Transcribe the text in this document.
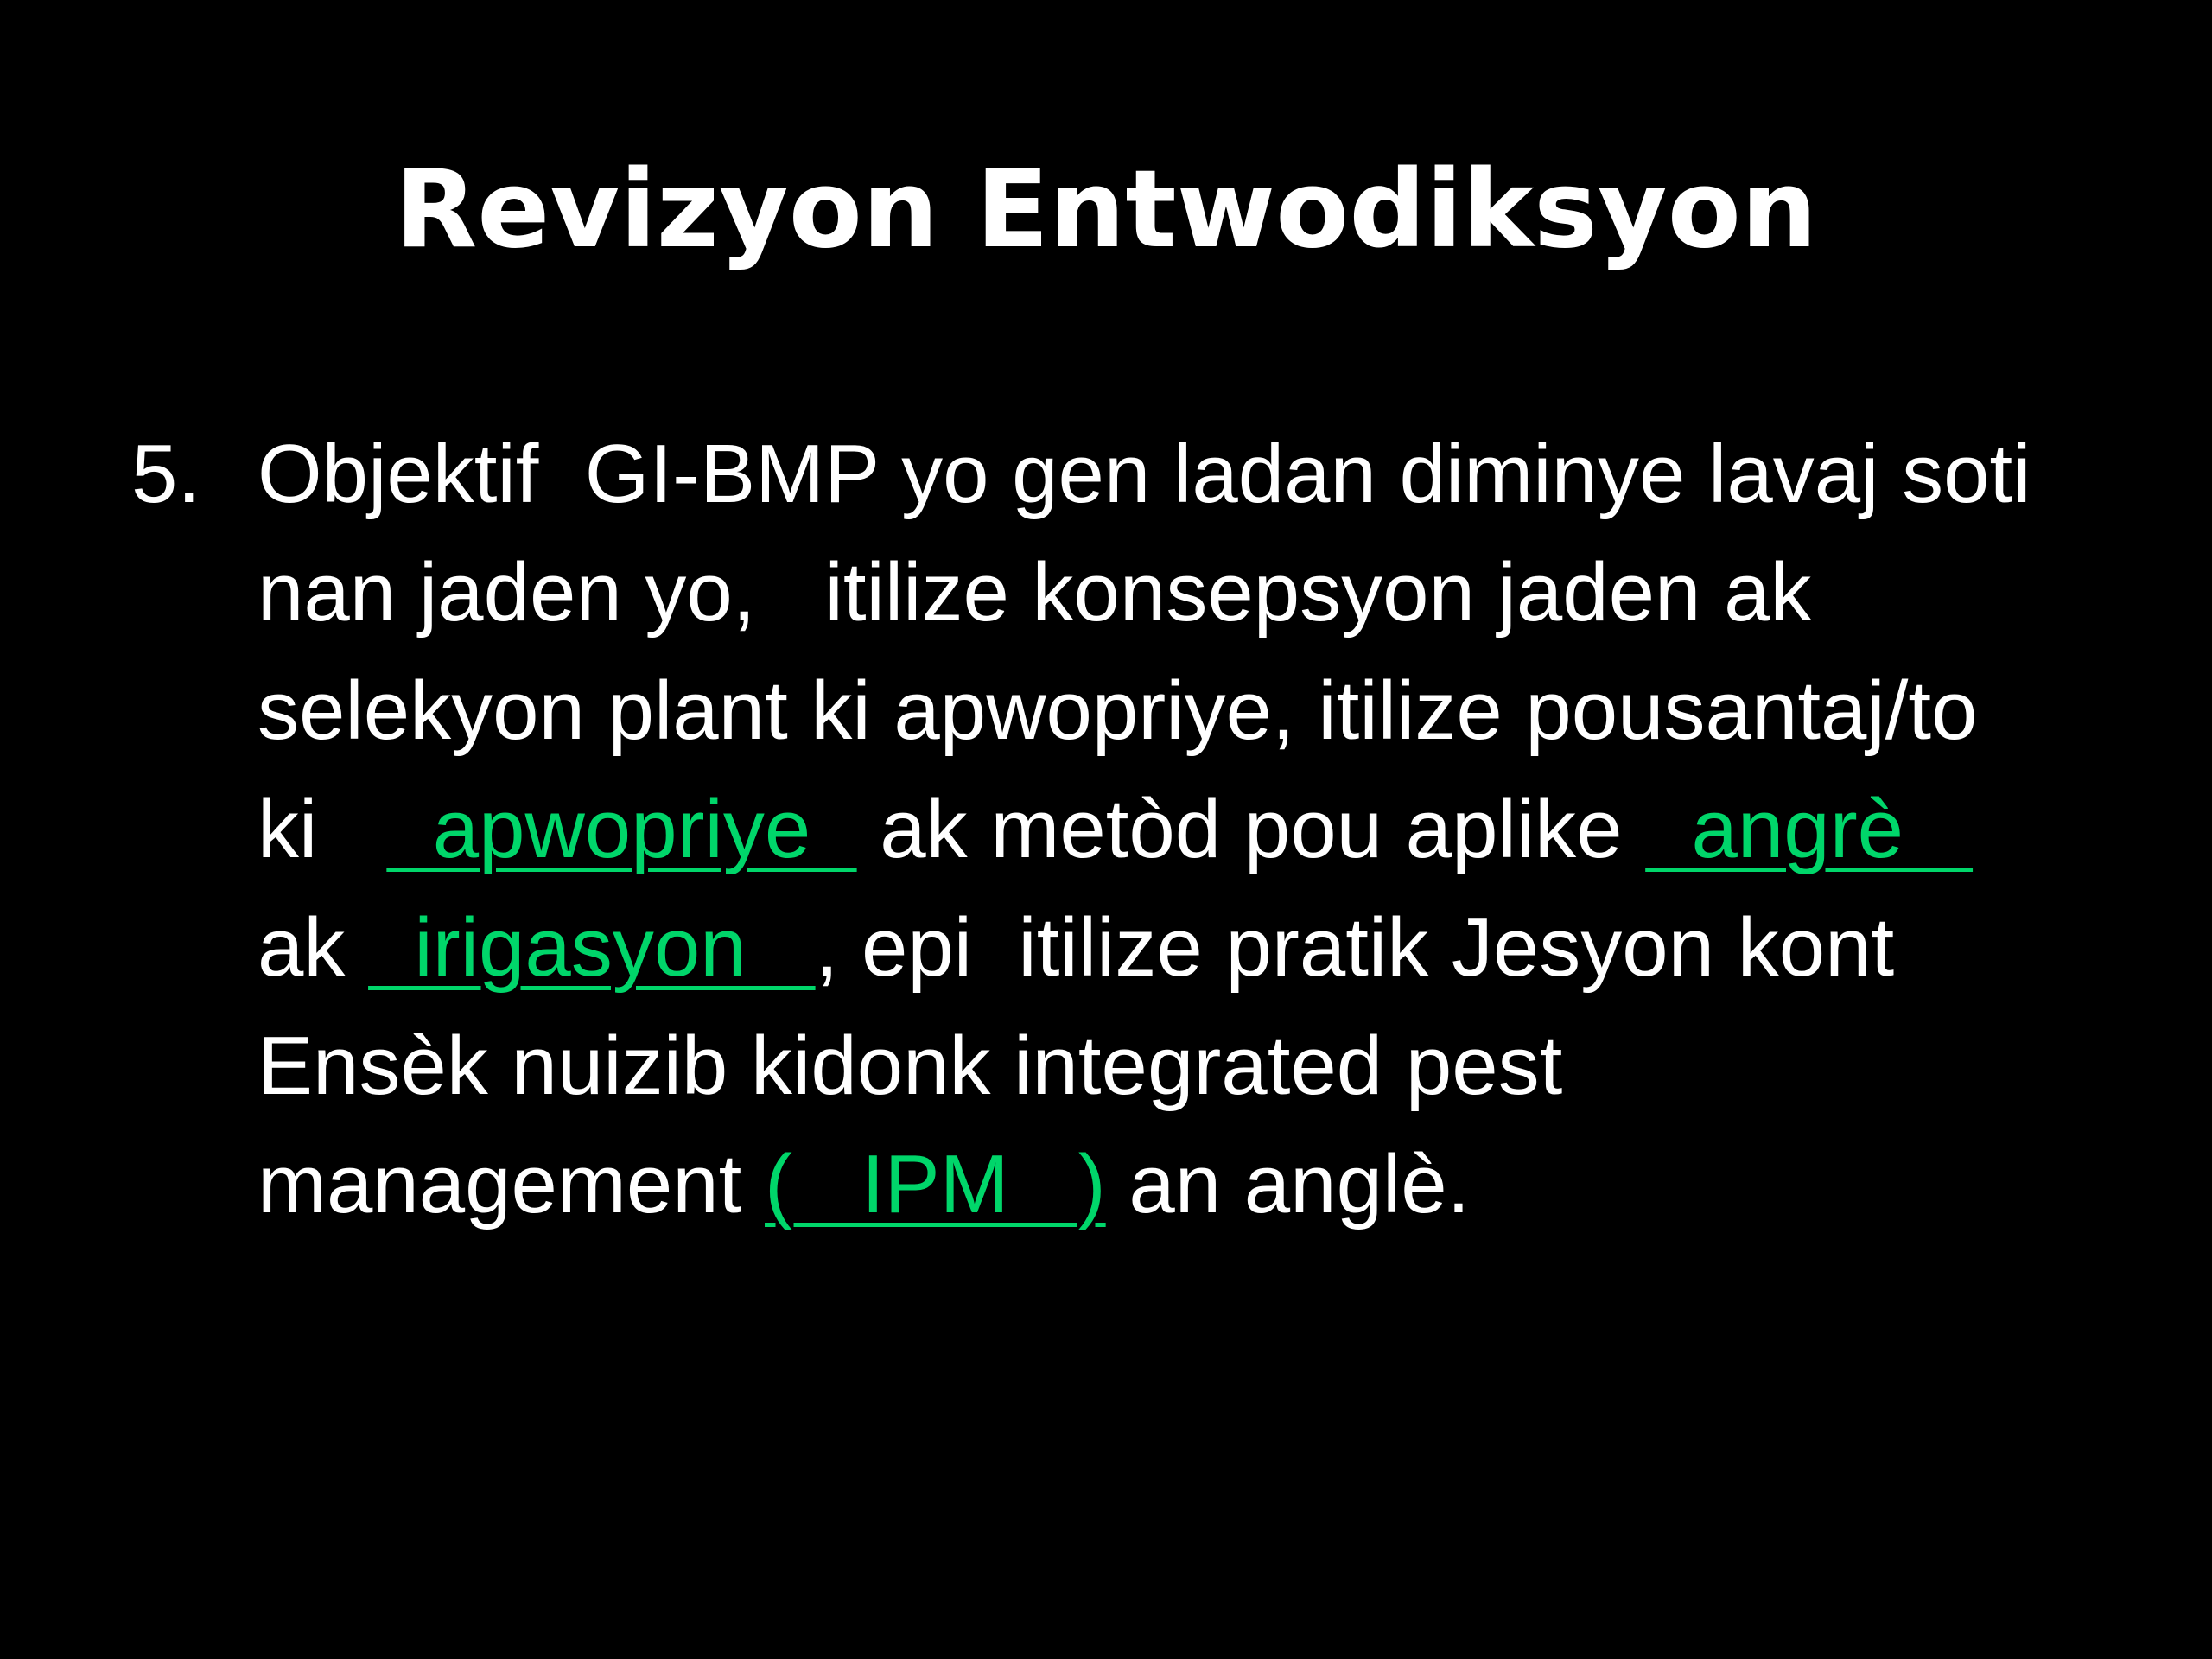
Revizyon Entwodiksyon
5. Objektif  GI-BMP yo gen ladan diminye lavaj soti
nan jaden yo,   itilize konsepsyon jaden ak
selekyon plant ki apwopriye, itilize pousantaj/to
ki     apwopriye   ak metòd pou aplike   angrè
ak   irigasyon   , epi  itilize pratik Jesyon kont
Ensèk nuizib kidonk integrated pest
management (   IPM   ) an anglè.
